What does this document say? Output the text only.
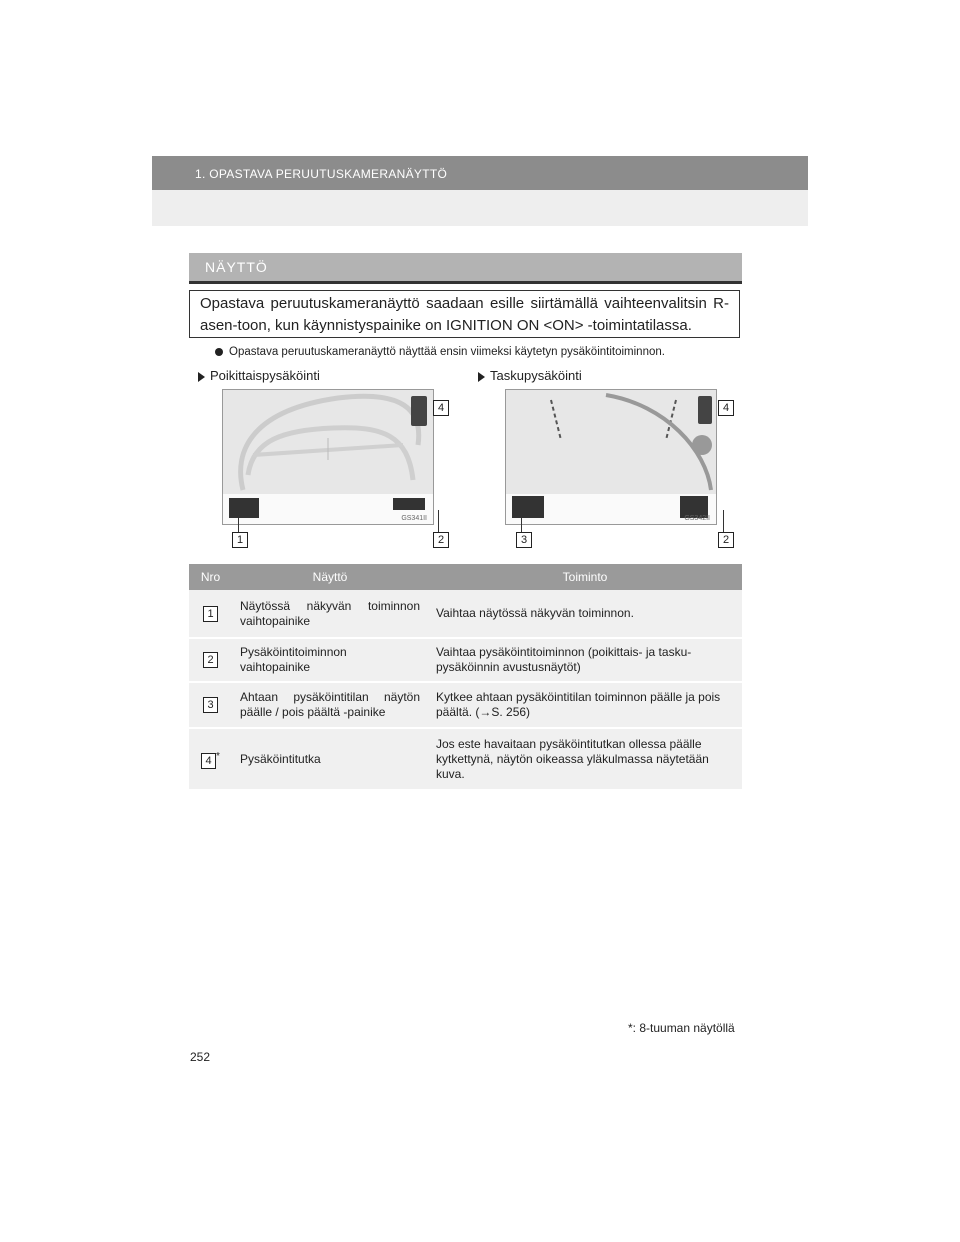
1. OPASTAVA PERUUTUSKAMERANÄYTTÖ
NÄYTTÖ
Opastava peruutuskameranäyttö saadaan esille siirtämällä vaihteenvalitsin R-asen-toon, kun käynnistyspainike on IGNITION ON <ON> -toimintatilassa.
Opastava peruutuskameranäyttö näyttää ensin viimeksi käytetyn pysäköintitoiminnon.
Poikittaispysäköinti
GS341II
4
1	2
Taskupysäköinti
GS342II
4
3	2
Nro	Näyttö	Toiminto
1	Näytössä näkyvän toiminnon vaihtopainike	Vaihtaa näytössä näkyvän toiminnon.
2	Pysäköintitoiminnon vaihtopainike	Vaihtaa pysäköintitoiminnon (poikittais- ja tasku-pysäköinnin avustusnäytöt)
3	Ahtaan pysäköintitilan näytön päälle / pois päältä -painike	Kytkee ahtaan pysäköintitilan toiminnon päälle ja pois päältä. (→S. 256)
4 *	Pysäköintitutka	Jos este havaitaan pysäköintitutkan ollessa päälle kytkettynä, näytön oikeassa yläkulmassa näytetään kuva.
*: 8-tuuman näytöllä
252
